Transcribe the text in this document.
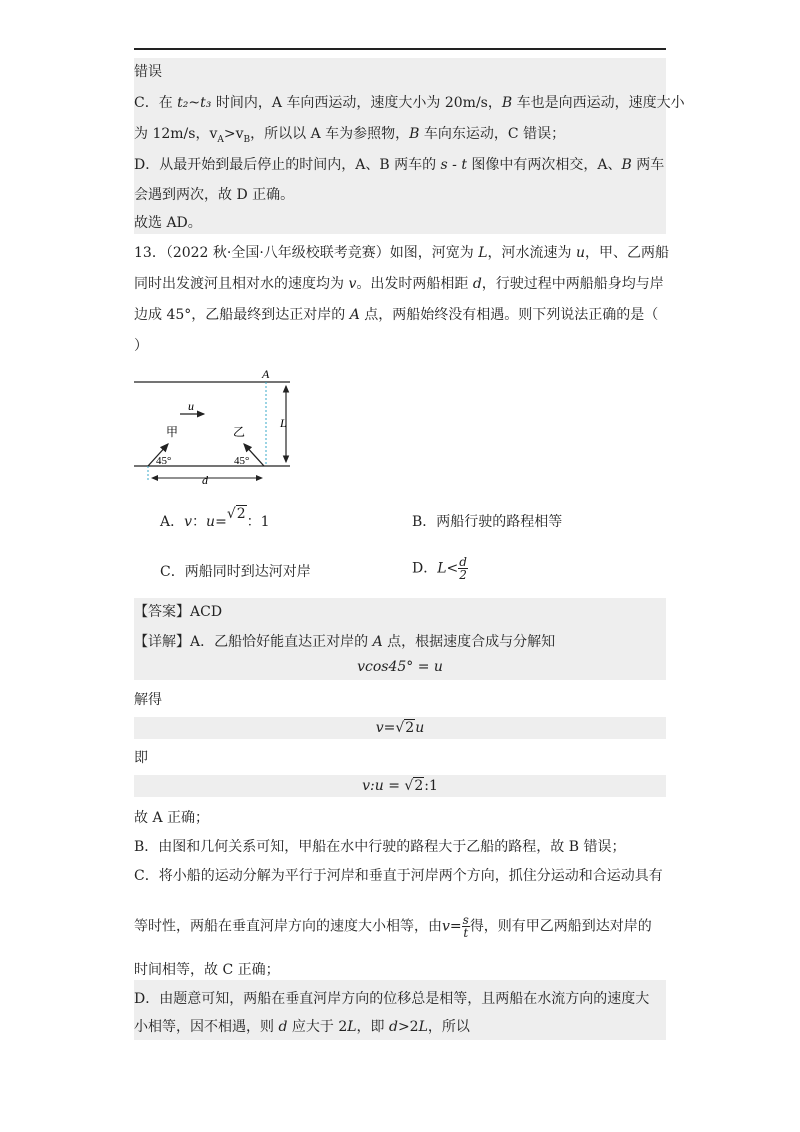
错误
C．在 t₂~t₃ 时间内，A 车向西运动，速度大小为 20m/s，B 车也是向西运动，速度大小
为 12m/s，$v_A>v_B$，所以以 A 车为参照物，B 车向东运动，C 错误；
D．从最开始到最后停止的时间内，A、B 两车的 s - t 图像中有两次相交，A、B 两车
会遇到两次，故 D 正确。
故选 AD。
13．（2022 秋·全国·八年级校联考竞赛）如图，河宽为 L，河水流速为 u，甲、乙两船
同时出发渡河且相对水的速度均为 v。出发时两船相距 d，行驶过程中两船船身均与岸
边成 45°，乙船最终到达正对岸的 A 点，两船始终没有相遇。则下列说法正确的是（
）
A
u
L
甲	乙
45°	45°
d
A．v：u=√2：1	B．两船行驶的路程相等
C．两船同时到达河对岸	D．$L< \frac{d}{2}$
【答案】ACD
【详解】A．乙船恰好能直达正对岸的 A 点，根据速度合成与分解知
vcos45° = u
解得
v=√2u
即
v:u = √2:1
故 A 正确；
B．由图和几何关系可知，甲船在水中行驶的路程大于乙船的路程，故 B 错误；
C．将小船的运动分解为平行于河岸和垂直于河岸两个方向，抓住分运动和合运动具有
等时性，两船在垂直河岸方向的速度大小相等，由$v= \frac{s}{t}$ 得，则有甲乙两船到达对岸的
时间相等，故 C 正确；
D．由题意可知，两船在垂直河岸方向的位移总是相等，且两船在水流方向的速度大
小相等，因不相遇，则 d 应大于 2L，即 d>2L，所以
